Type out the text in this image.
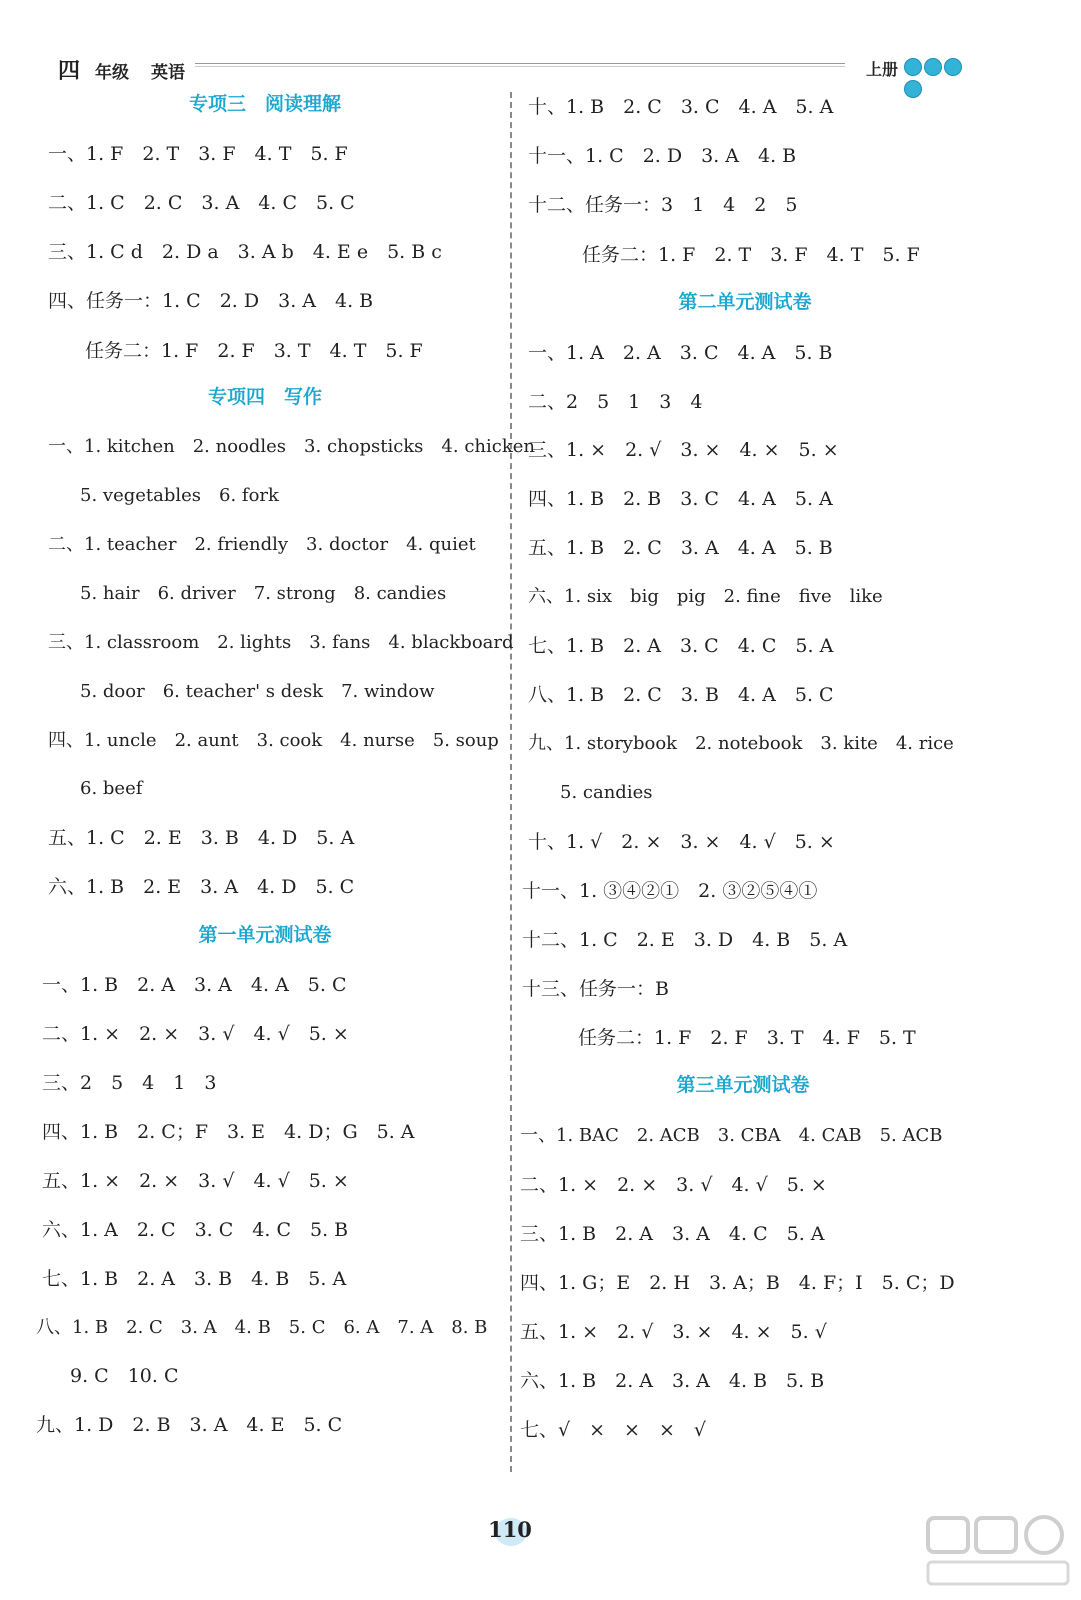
四 年级 英语	上册
专项三　阅读理解
一、1. F　2. T　3. F　4. T　5. F
二、1. C　2. C　3. A　4. C　5. C
三、1. C d　2. D a　3. A b　4. E e　5. B c
四、任务一：1. C　2. D　3. A　4. B
任务二：1. F　2. F　3. T　4. T　5. F
专项四　写作
一、1. kitchen　2. noodles　3. chopsticks　4. chicken
5. vegetables　6. fork
二、1. teacher　2. friendly　3. doctor　4. quiet
5. hair　6. driver　7. strong　8. candies
三、1. classroom　2. lights　3. fans　4. blackboard
5. door　6. teacher' s desk　7. window
四、1. uncle　2. aunt　3. cook　4. nurse　5. soup
6. beef
五、1. C　2. E　3. B　4. D　5. A
六、1. B　2. E　3. A　4. D　5. C
第一单元测试卷
一、1. B　2. A　3. A　4. A　5. C
二、1. ×　2. ×　3. √　4. √　5. ×
三、2　5　4　1　3
四、1. B　2. C；F　3. E　4. D；G　5. A
五、1. ×　2. ×　3. √　4. √　5. ×
六、1. A　2. C　3. C　4. C　5. B
七、1. B　2. A　3. B　4. B　5. A
八、1. B　2. C　3. A　4. B　5. C　6. A　7. A　8. B
9. C　10. C
九、1. D　2. B　3. A　4. E　5. C
十、1. B　2. C　3. C　4. A　5. A
十一、1. C　2. D　3. A　4. B
十二、任务一：3　1　4　2　5
任务二：1. F　2. T　3. F　4. T　5. F
第二单元测试卷
一、1. A　2. A　3. C　4. A　5. B
二、2　5　1　3　4
三、1. ×　2. √　3. ×　4. ×　5. ×
四、1. B　2. B　3. C　4. A　5. A
五、1. B　2. C　3. A　4. A　5. B
六、1. six　big　pig　2. fine　five　like
七、1. B　2. A　3. C　4. C　5. A
八、1. B　2. C　3. B　4. A　5. C
九、1. storybook　2. notebook　3. kite　4. rice
5. candies
十、1. √　2. ×　3. ×　4. √　5. ×
十一、1. ③④②①　2. ③②⑤④①
十二、1. C　2. E　3. D　4. B　5. A
十三、任务一：B
任务二：1. F　2. F　3. T　4. F　5. T
第三单元测试卷
一、1. BAC　2. ACB　3. CBA　4. CAB　5. ACB
二、1. ×　2. ×　3. √　4. √　5. ×
三、1. B　2. A　3. A　4. C　5. A
四、1. G；E　2. H　3. A；B　4. F；I　5. C；D
五、1. ×　2. √　3. ×　4. ×　5. √
六、1. B　2. A　3. A　4. B　5. B
七、√　×　×　×　√
110
